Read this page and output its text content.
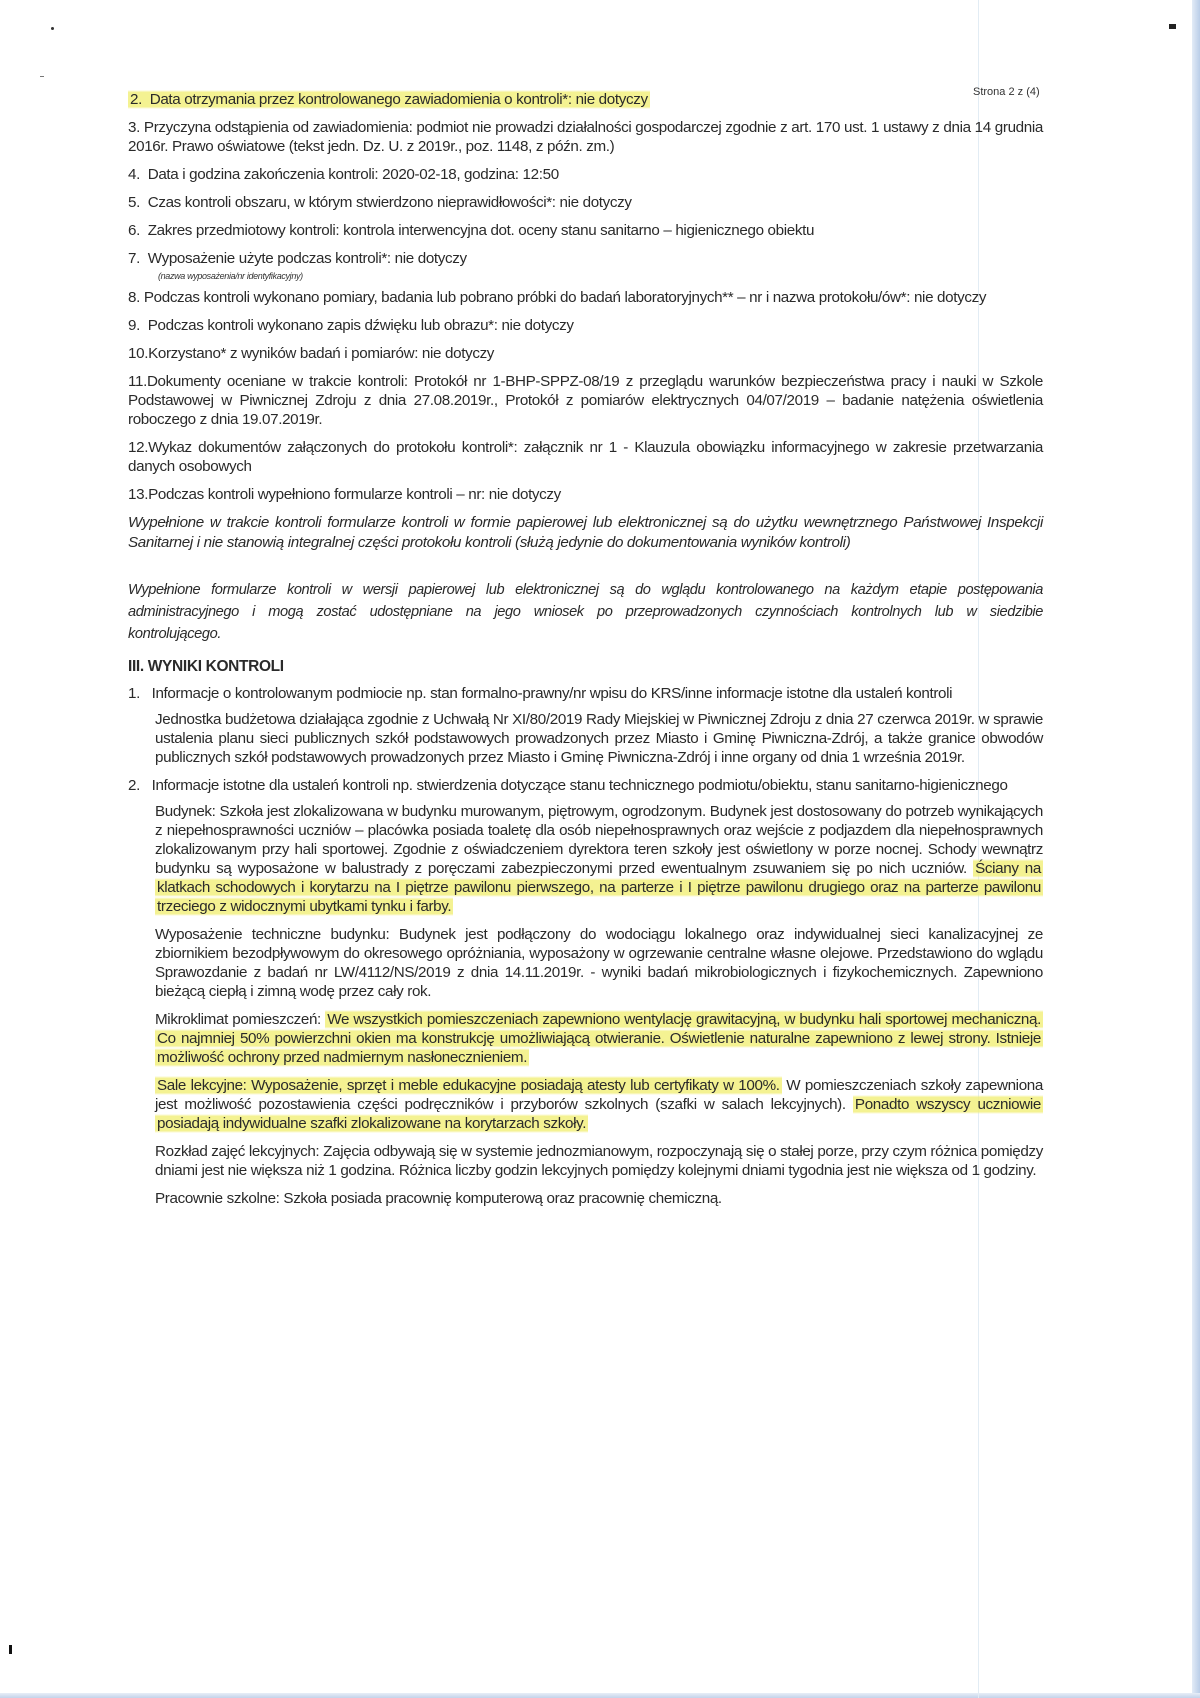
Strona 2 z (4)
2. Data otrzymania przez kontrolowanego zawiadomienia o kontroli*: nie dotyczy
3. Przyczyna odstąpienia od zawiadomienia: podmiot nie prowadzi działalności gospodarczej zgodnie z art. 170 ust. 1 ustawy z dnia 14 grudnia 2016r. Prawo oświatowe (tekst jedn. Dz. U. z 2019r., poz. 1148, z późn. zm.)
4. Data i godzina zakończenia kontroli: 2020-02-18, godzina: 12:50
5. Czas kontroli obszaru, w którym stwierdzono nieprawidłowości*: nie dotyczy
6. Zakres przedmiotowy kontroli: kontrola interwencyjna dot. oceny stanu sanitarno – higienicznego obiektu
7. Wyposażenie użyte podczas kontroli*: nie dotyczy
(nazwa wyposażenia/nr identyfikacyjny)
8. Podczas kontroli wykonano pomiary, badania lub pobrano próbki do badań laboratoryjnych** – nr i nazwa protokołu/ów*: nie dotyczy
9. Podczas kontroli wykonano zapis dźwięku lub obrazu*: nie dotyczy
10.Korzystano* z wyników badań i pomiarów: nie dotyczy
11.Dokumenty oceniane w trakcie kontroli: Protokół nr 1-BHP-SPPZ-08/19 z przeglądu warunków bezpieczeństwa pracy i nauki w Szkole Podstawowej w Piwnicznej Zdroju z dnia 27.08.2019r., Protokół z pomiarów elektrycznych 04/07/2019 – badanie natężenia oświetlenia roboczego z dnia 19.07.2019r.
12.Wykaz dokumentów załączonych do protokołu kontroli*: załącznik nr 1 - Klauzula obowiązku informacyjnego w zakresie przetwarzania danych osobowych
13.Podczas kontroli wypełniono formularze kontroli – nr: nie dotyczy
Wypełnione w trakcie kontroli formularze kontroli w formie papierowej lub elektronicznej są do użytku wewnętrznego Państwowej Inspekcji Sanitarnej i nie stanowią integralnej części protokołu kontroli (służą jedynie do dokumentowania wyników kontroli)
Wypełnione formularze kontroli w wersji papierowej lub elektronicznej są do wglądu kontrolowanego na każdym etapie postępowania administracyjnego i mogą zostać udostępniane na jego wniosek po przeprowadzonych czynnościach kontrolnych lub w siedzibie kontrolującego.
III. WYNIKI KONTROLI
1. Informacje o kontrolowanym podmiocie np. stan formalno-prawny/nr wpisu do KRS/inne informacje istotne dla ustaleń kontroli
Jednostka budżetowa działająca zgodnie z Uchwałą Nr XI/80/2019 Rady Miejskiej w Piwnicznej Zdroju z dnia 27 czerwca 2019r. w sprawie ustalenia planu sieci publicznych szkół podstawowych prowadzonych przez Miasto i Gminę Piwniczna-Zdrój, a także granice obwodów publicznych szkół podstawowych prowadzonych przez Miasto i Gminę Piwniczna-Zdrój i inne organy od dnia 1 września 2019r.
2. Informacje istotne dla ustaleń kontroli np. stwierdzenia dotyczące stanu technicznego podmiotu/obiektu, stanu sanitarno-higienicznego
Budynek: Szkoła jest zlokalizowana w budynku murowanym, piętrowym, ogrodzonym. Budynek jest dostosowany do potrzeb wynikających z niepełnosprawności uczniów – placówka posiada toaletę dla osób niepełnosprawnych oraz wejście z podjazdem dla niepełnosprawnych zlokalizowanym przy hali sportowej. Zgodnie z oświadczeniem dyrektora teren szkoły jest oświetlony w porze nocnej. Schody wewnątrz budynku są wyposażone w balustrady z poręczami zabezpieczonymi przed ewentualnym zsuwaniem się po nich uczniów. Ściany na klatkach schodowych i korytarzu na I piętrze pawilonu pierwszego, na parterze i I piętrze pawilonu drugiego oraz na parterze pawilonu trzeciego z widocznymi ubytkami tynku i farby.
Wyposażenie techniczne budynku: Budynek jest podłączony do wodociągu lokalnego oraz indywidualnej sieci kanalizacyjnej ze zbiornikiem bezodpływowym do okresowego opróżniania, wyposażony w ogrzewanie centralne własne olejowe. Przedstawiono do wglądu Sprawozdanie z badań nr LW/4112/NS/2019 z dnia 14.11.2019r. - wyniki badań mikrobiologicznych i fizykochemicznych. Zapewniono bieżącą ciepłą i zimną wodę przez cały rok.
Mikroklimat pomieszczeń: We wszystkich pomieszczeniach zapewniono wentylację grawitacyjną, w budynku hali sportowej mechaniczną. Co najmniej 50% powierzchni okien ma konstrukcję umożliwiającą otwieranie. Oświetlenie naturalne zapewniono z lewej strony. Istnieje możliwość ochrony przed nadmiernym nasłonecznieniem.
Sale lekcyjne: Wyposażenie, sprzęt i meble edukacyjne posiadają atesty lub certyfikaty w 100%. W pomieszczeniach szkoły zapewniona jest możliwość pozostawienia części podręczników i przyborów szkolnych (szafki w salach lekcyjnych). Ponadto wszyscy uczniowie posiadają indywidualne szafki zlokalizowane na korytarzach szkoły.
Rozkład zajęć lekcyjnych: Zajęcia odbywają się w systemie jednozmianowym, rozpoczynają się o stałej porze, przy czym różnica pomiędzy dniami jest nie większa niż 1 godzina. Różnica liczby godzin lekcyjnych pomiędzy kolejnymi dniami tygodnia jest nie większa od 1 godziny.
Pracownie szkolne: Szkoła posiada pracownię komputerową oraz pracownię chemiczną.
